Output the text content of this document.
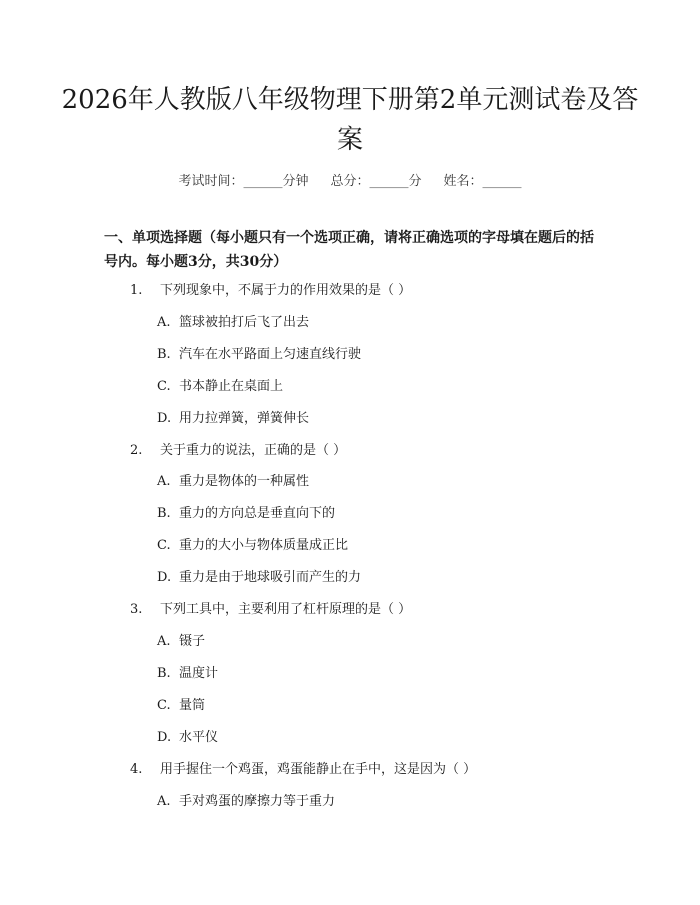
2026年人教版八年级物理下册第2单元测试卷及答案
考试时间：______分钟 总分：______分 姓名：______

一、单项选择题（每小题只有一个选项正确，请将正确选项的字母填在题后的括号内。每小题3分，共30分）

1. 下列现象中，不属于力的作用效果的是（ ）
A. 篮球被拍打后飞了出去
B. 汽车在水平路面上匀速直线行驶
C. 书本静止在桌面上
D. 用力拉弹簧，弹簧伸长
2. 关于重力的说法，正确的是（ ）
A. 重力是物体的一种属性
B. 重力的方向总是垂直向下的
C. 重力的大小与物体质量成正比
D. 重力是由于地球吸引而产生的力
3. 下列工具中，主要利用了杠杆原理的是（ ）
A. 镊子
B. 温度计
C. 量筒
D. 水平仪
4. 用手握住一个鸡蛋，鸡蛋能静止在手中，这是因为（ ）
A. 手对鸡蛋的摩擦力等于重力
